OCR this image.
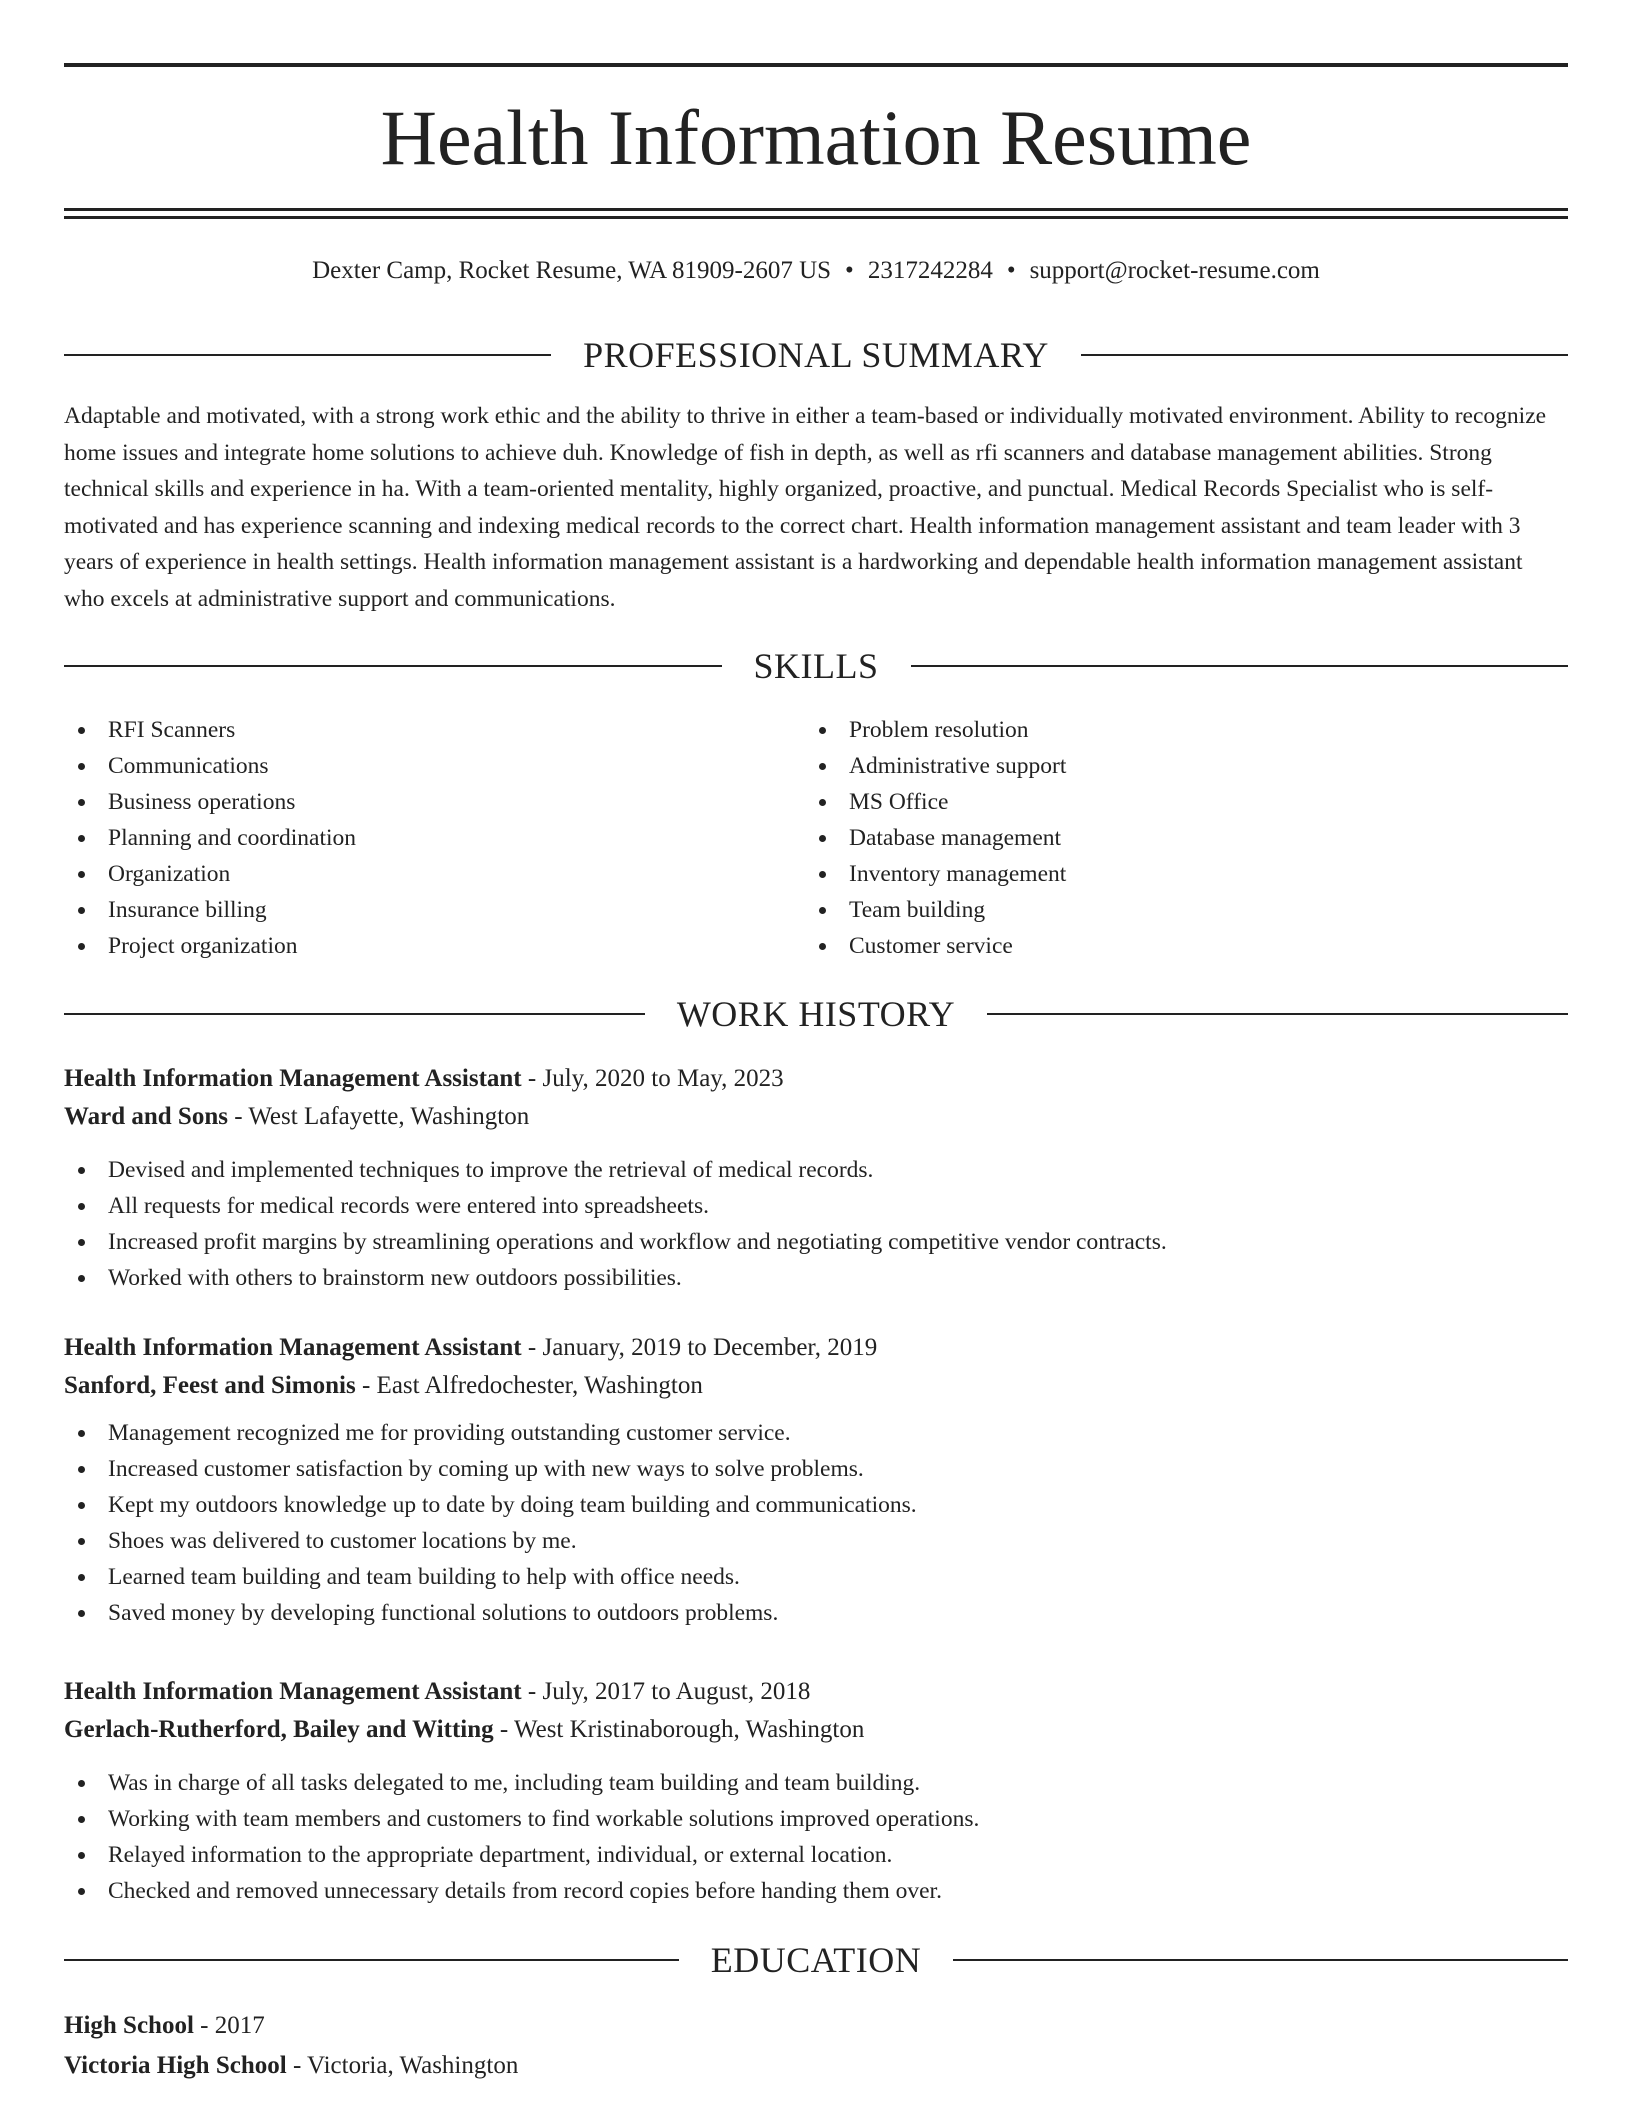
Health Information Resume
Dexter Camp, Rocket Resume, WA 81909-2607 US • 2317242284 • support@rocket-resume.com
PROFESSIONAL SUMMARY

Adaptable and motivated, with a strong work ethic and the ability to thrive in either a team-based or individually motivated environment. Ability to recognize home issues and integrate home solutions to achieve duh. Knowledge of fish in depth, as well as rfi scanners and database management abilities. Strong technical skills and experience in ha. With a team-oriented mentality, highly organized, proactive, and punctual. Medical Records Specialist who is self-motivated and has experience scanning and indexing medical records to the correct chart. Health information management assistant and team leader with 3 years of experience in health settings. Health information management assistant is a hardworking and dependable health information management assistant who excels at administrative support and communications.

SKILLS
RFI Scanners
Communications
Business operations
Planning and coordination
Organization
Insurance billing
Project organization
Problem resolution
Administrative support
MS Office
Database management
Inventory management
Team building
Customer service
WORK HISTORY
Health Information Management Assistant - July, 2020 to May, 2023
Ward and Sons - West Lafayette, Washington
Devised and implemented techniques to improve the retrieval of medical records.
All requests for medical records were entered into spreadsheets.
Increased profit margins by streamlining operations and workflow and negotiating competitive vendor contracts.
Worked with others to brainstorm new outdoors possibilities.
Health Information Management Assistant - January, 2019 to December, 2019
Sanford, Feest and Simonis - East Alfredochester, Washington
Management recognized me for providing outstanding customer service.
Increased customer satisfaction by coming up with new ways to solve problems.
Kept my outdoors knowledge up to date by doing team building and communications.
Shoes was delivered to customer locations by me.
Learned team building and team building to help with office needs.
Saved money by developing functional solutions to outdoors problems.
Health Information Management Assistant - July, 2017 to August, 2018
Gerlach-Rutherford, Bailey and Witting - West Kristinaborough, Washington
Was in charge of all tasks delegated to me, including team building and team building.
Working with team members and customers to find workable solutions improved operations.
Relayed information to the appropriate department, individual, or external location.
Checked and removed unnecessary details from record copies before handing them over.
EDUCATION
High School - 2017
Victoria High School - Victoria, Washington
